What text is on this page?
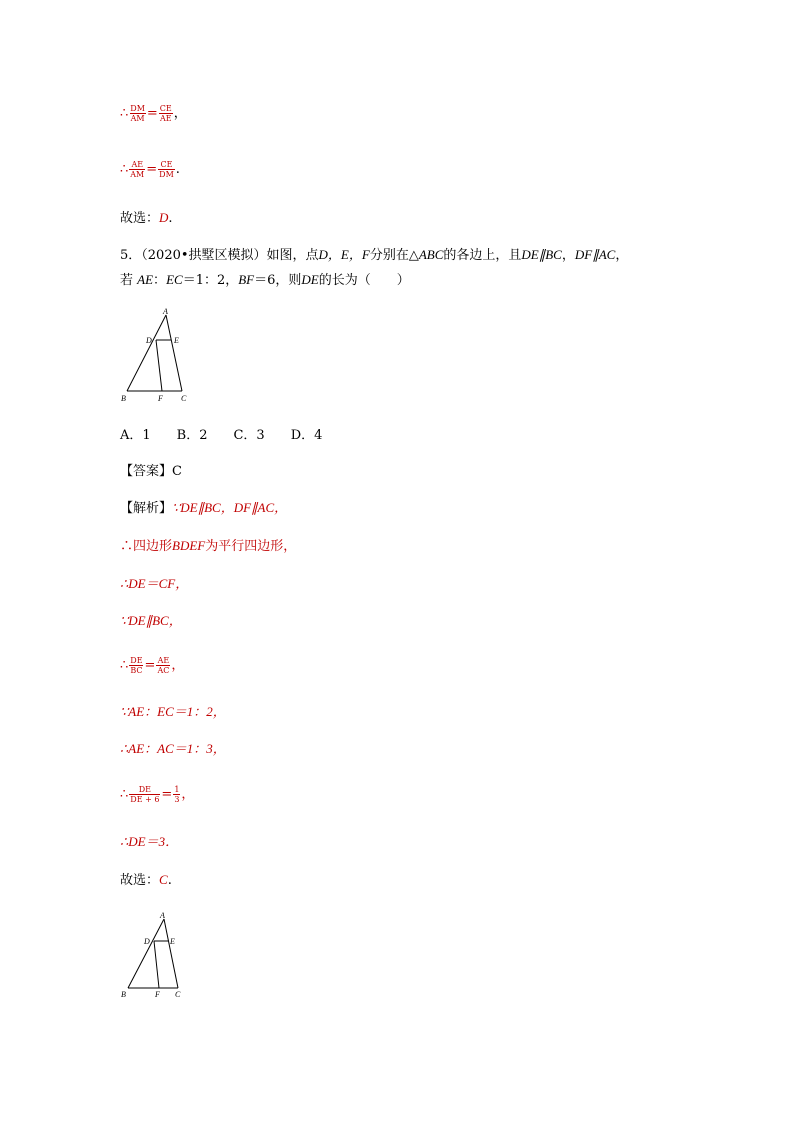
∴ $\frac{DM}{AM} = \frac{CE}{AE}$ ，
∴ $\frac{AE}{AM} = \frac{CE}{DM}$ .
故选：D.
5．（2020•拱墅区模拟）如图，点D，E，F分别在△ABC的各边上，且DE∥BC，DF∥AC，
若 AE：EC＝1：2，BF＝6，则DE的长为（　　）
A
D	E
B	F C
A．1　　B．2　　C．3　　D．4
【答案】C
【解析】∵DE∥BC，DF∥AC，
∴四边形BDEF为平行四边形，
∴DE＝CF，
∵DE∥BC，
∴ $\frac{DE}{BC} = \frac{AE}{AC}$ ，
∵AE：EC＝1：2，
∴AE：AC＝1：3，
∴ $\frac{DE}{DE + 6} = \frac{1}{3}$ ，
∴DE＝3．
故选：C.
A
D	E
B	F C
